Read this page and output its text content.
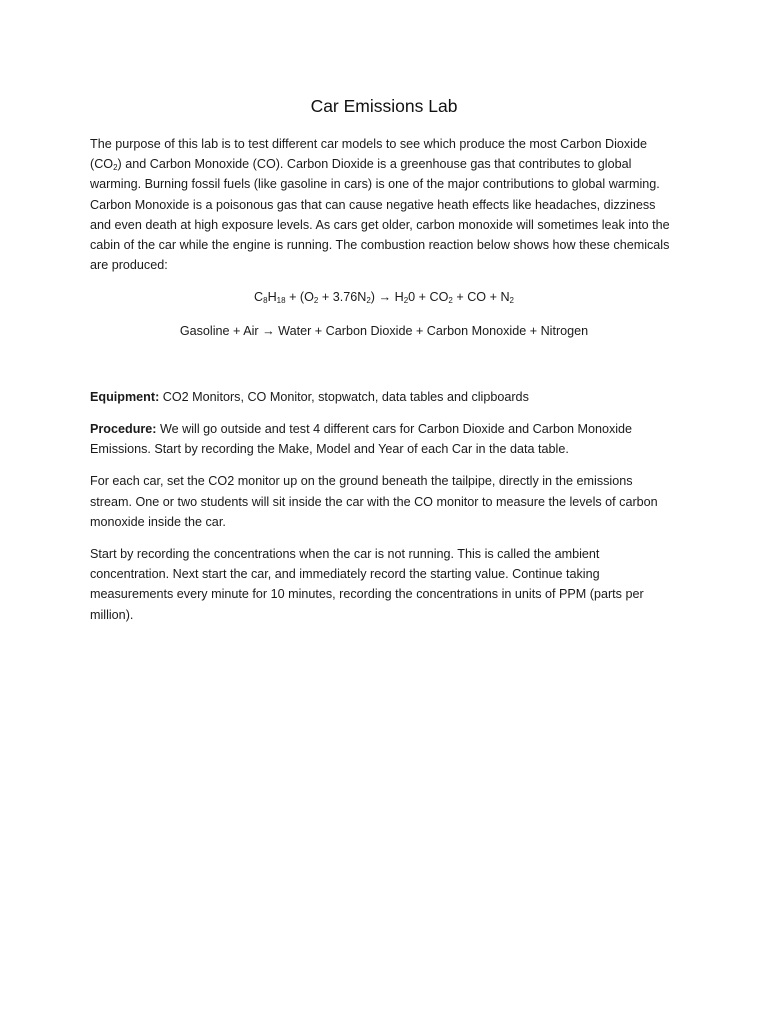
Car Emissions Lab

The purpose of this lab is to test different car models to see which produce the most Carbon Dioxide $(CO_2)$ and Carbon Monoxide (CO). Carbon Dioxide is a greenhouse gas that contributes to global warming. Burning fossil fuels (like gasoline in cars) is one of the major contributions to global warming. Carbon Monoxide is a poisonous gas that can cause negative heath effects like headaches, dizziness and even death at high exposure levels. As cars get older, carbon monoxide will sometimes leak into the cabin of the car while the engine is running. The combustion reaction below shows how these chemicals are produced:

$C_8H_{18} + (O_2 + 3.76N_2) \to H_20 + CO_2$ + CO + $N_2$

Gasoline + Air → Water + Carbon Dioxide + Carbon Monoxide + Nitrogen

Equipment: CO2 Monitors, CO Monitor, stopwatch, data tables and clipboards

Procedure: We will go outside and test 4 different cars for Carbon Dioxide and Carbon Monoxide Emissions. Start by recording the Make, Model and Year of each Car in the data table.

For each car, set the CO2 monitor up on the ground beneath the tailpipe, directly in the emissions stream. One or two students will sit inside the car with the CO monitor to measure the levels of carbon monoxide inside the car.

Start by recording the concentrations when the car is not running. This is called the ambient concentration. Next start the car, and immediately record the starting value. Continue taking measurements every minute for 10 minutes, recording the concentrations in units of PPM (parts per million).
